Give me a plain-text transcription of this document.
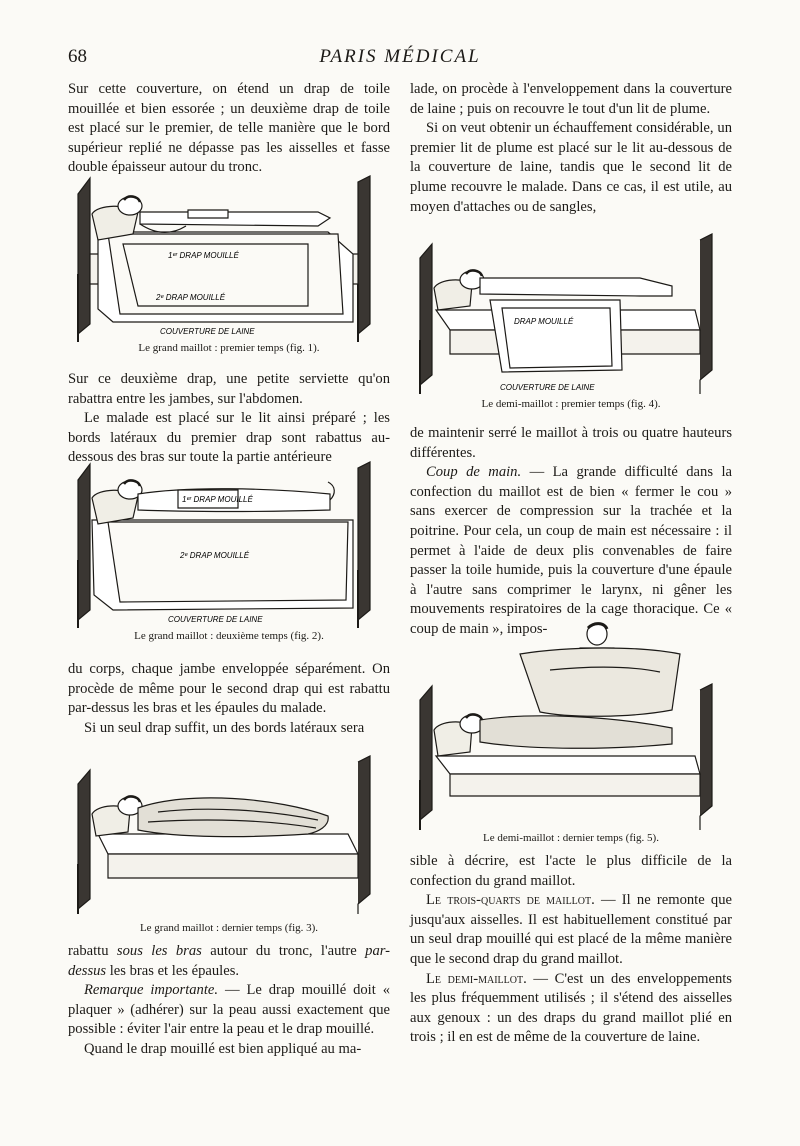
68	PARIS MÉDICAL

Sur cette couverture, on étend un drap de toile mouillée et bien essorée ; un deuxième drap de toile est placé sur le premier, de telle manière que le bord supérieur replié ne dépasse pas les aisselles et fasse double épaisseur autour du tronc.

1ᵉʳ DRAP MOUILLÉ
2ᵉ DRAP MOUILLÉ
COUVERTURE DE LAINE
Le grand maillot : premier temps (fig. 1).

Sur ce deuxième drap, une petite serviette qu'on rabattra entre les jambes, sur l'abdomen.

Le malade est placé sur le lit ainsi préparé ; les bords latéraux du premier drap sont rabattus au-dessous des bras sur toute la partie antérieure

1ᵉʳ DRAP MOUILLÉ
2ᵉ DRAP MOUILLÉ
COUVERTURE DE LAINE
Le grand maillot : deuxième temps (fig. 2).

du corps, chaque jambe enveloppée séparément. On procède de même pour le second drap qui est rabattu par-dessus les bras et les épaules du malade.

Si un seul drap suffit, un des bords latéraux sera

Le grand maillot : dernier temps (fig. 3).

rabattu sous les bras autour du tronc, l'autre par-dessus les bras et les épaules.

Remarque importante. — Le drap mouillé doit « plaquer » (adhérer) sur la peau aussi exactement que possible : éviter l'air entre la peau et le drap mouillé.

Quand le drap mouillé est bien appliqué au ma-

lade, on procède à l'enveloppement dans la couverture de laine ; puis on recouvre le tout d'un lit de plume.

Si on veut obtenir un échauffement considérable, un premier lit de plume est placé sur le lit au-dessous de la couverture de laine, tandis que le second lit de plume recouvre le malade. Dans ce cas, il est utile, au moyen d'attaches ou de sangles,

DRAP MOUILLÉ
COUVERTURE DE LAINE
Le demi-maillot : premier temps (fig. 4).

de maintenir serré le maillot à trois ou quatre hauteurs différentes.

Coup de main. — La grande difficulté dans la confection du maillot est de bien « fermer le cou » sans exercer de compression sur la trachée et la poitrine. Pour cela, un coup de main est nécessaire : il permet à l'aide de deux plis convenables de faire passer la toile humide, puis la couverture d'une épaule à l'autre sans comprimer le larynx, ni gêner les mouvements respiratoires de la cage thoracique. Ce « coup de main », impos-

Le demi-maillot : dernier temps (fig. 5).

sible à décrire, est l'acte le plus difficile de la confection du grand maillot.

Le trois-quarts de maillot. — Il ne remonte que jusqu'aux aisselles. Il est habituellement constitué par un seul drap mouillé qui est placé de la même manière que le second drap du grand maillot.

Le demi-maillot. — C'est un des enveloppements les plus fréquemment utilisés ; il s'étend des aisselles aux genoux : un des draps du grand maillot plié en trois ; il en est de même de la couverture de laine.
